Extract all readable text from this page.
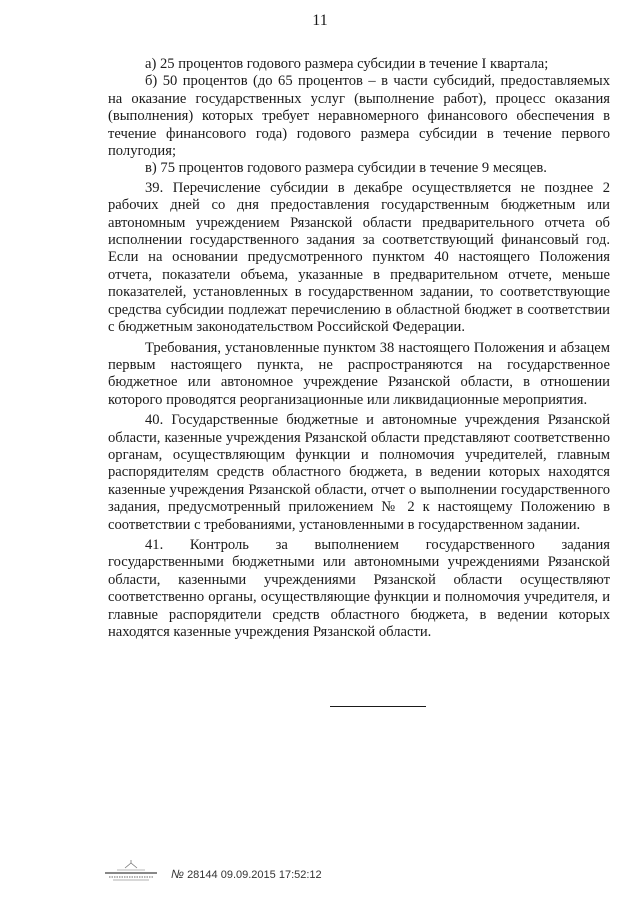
11

а) 25 процентов годового размера субсидии в течение I квартала;

б) 50 процентов (до 65 процентов – в части субсидий, предоставляемых на оказание государственных услуг (выполнение работ), процесс оказания (выполнения) которых требует неравномерного финансового обеспечения в течение финансового года) годового размера субсидии в течение первого полугодия;

в) 75 процентов годового размера субсидии в течение 9 месяцев.

39. Перечисление субсидии в декабре осуществляется не позднее 2 рабочих дней со дня предоставления государственным бюджетным или автономным учреждением Рязанской области предварительного отчета об исполнении государственного задания за соответствующий финансовый год. Если на основании предусмотренного пунктом 40 настоящего Положения отчета, показатели объема, указанные в предварительном отчете, меньше показателей, установленных в государственном задании, то соответствующие средства субсидии подлежат перечислению в областной бюджет в соответствии с бюджетным законодательством Российской Федерации.

Требования, установленные пунктом 38 настоящего Положения и абзацем первым настоящего пункта, не распространяются на государственное бюджетное или автономное учреждение Рязанской области, в отношении которого проводятся реорганизационные или ликвидационные мероприятия.

40. Государственные бюджетные и автономные учреждения Рязанской области, казенные учреждения Рязанской области представляют соответственно органам, осуществляющим функции и полномочия учредителей, главным распорядителям средств областного бюджета, в ведении которых находятся казенные учреждения Рязанской области, отчет о выполнении государственного задания, предусмотренный приложением № 2 к настоящему Положению в соответствии с требованиями, установленными в государственном задании.

41. Контроль за выполнением государственного задания государственными бюджетными или автономными учреждениями Рязанской области, казенными учреждениями Рязанской области осуществляют соответственно органы, осуществляющие функции и полномочия учредителя, и главные распорядители средств областного бюджета, в ведении которых находятся казенные учреждения Рязанской области.

№ 28144 09.09.2015 17:52:12
